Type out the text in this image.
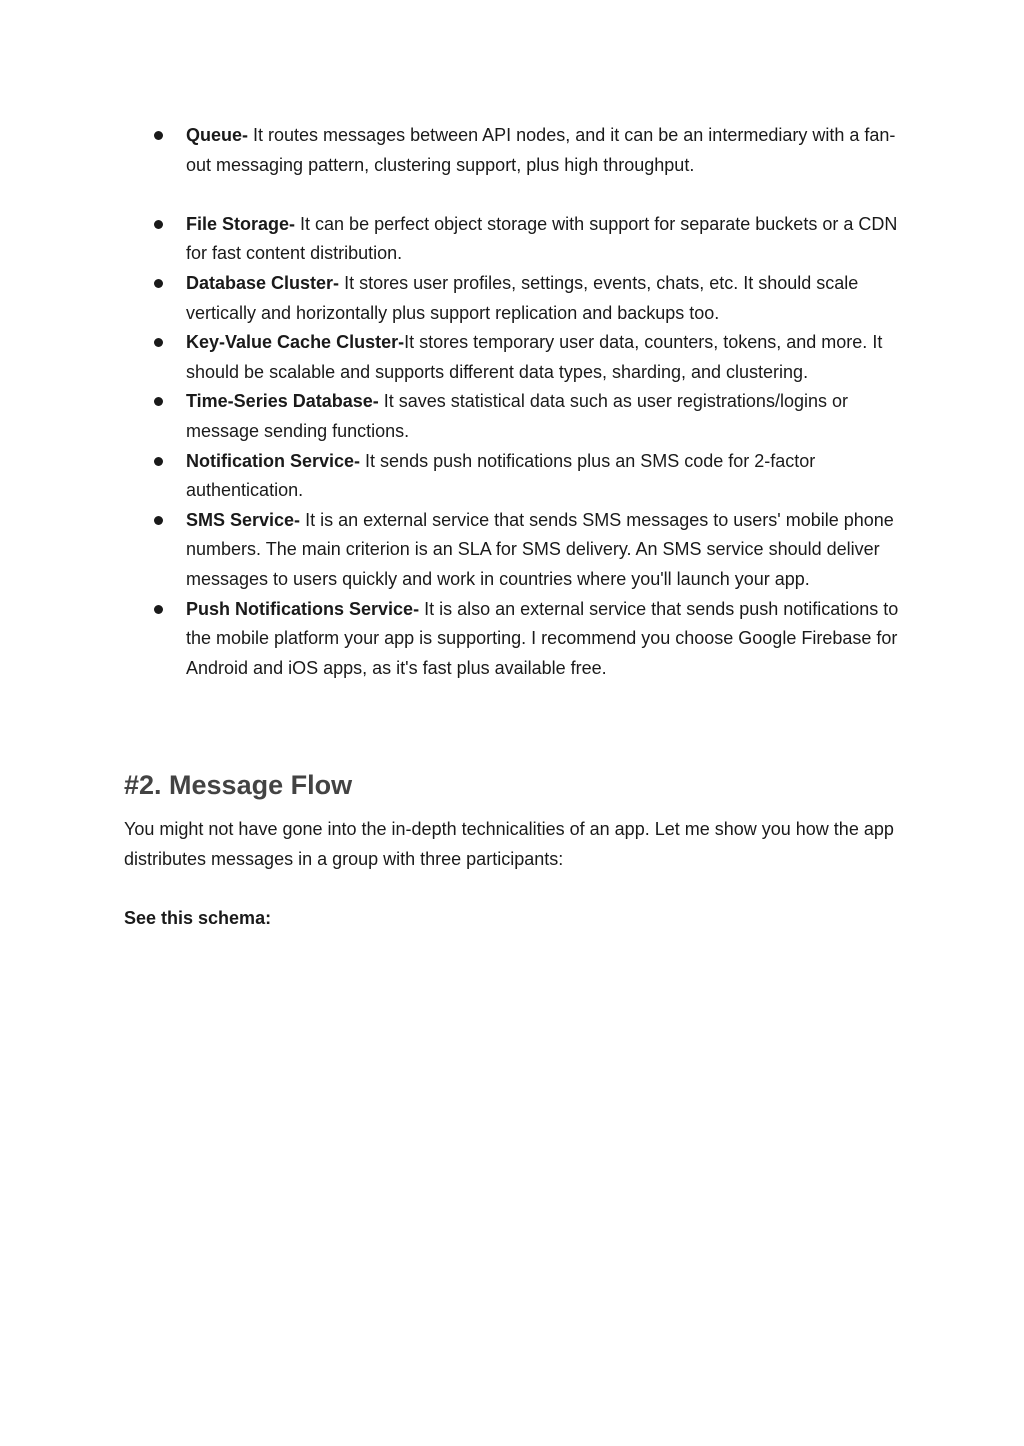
Queue- It routes messages between API nodes, and it can be an intermediary with a fan-out messaging pattern, clustering support, plus high throughput.
File Storage- It can be perfect object storage with support for separate buckets or a CDN for fast content distribution.
Database Cluster- It stores user profiles, settings, events, chats, etc. It should scale vertically and horizontally plus support replication and backups too.
Key-Value Cache Cluster-It stores temporary user data, counters, tokens, and more. It should be scalable and supports different data types, sharding, and clustering.
Time-Series Database- It saves statistical data such as user registrations/logins or message sending functions.
Notification Service- It sends push notifications plus an SMS code for 2-factor authentication.
SMS Service- It is an external service that sends SMS messages to users' mobile phone numbers. The main criterion is an SLA for SMS delivery. An SMS service should deliver messages to users quickly and work in countries where you'll launch your app.
Push Notifications Service- It is also an external service that sends push notifications to the mobile platform your app is supporting. I recommend you choose Google Firebase for Android and iOS apps, as it's fast plus available free.
#2. Message Flow

You might not have gone into the in-depth technicalities of an app. Let me show you how the app distributes messages in a group with three participants:

See this schema:
